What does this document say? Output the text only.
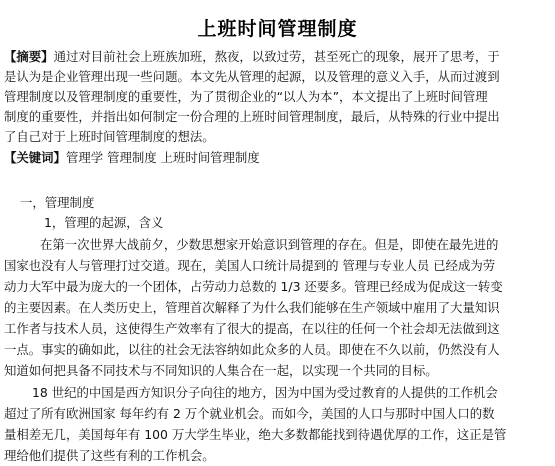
上班时间管理制度
【摘要】通过对目前社会上班族加班，熬夜，以致过劳，甚至死亡的现象，展开了思考，于
是认为是企业管理出现一些问题。本文先从管理的起源，以及管理的意义入手，从而过渡到
管理制度以及管理制度的重要性，为了贯彻企业的“以人为本”，本文提出了上班时间管理
制度的重要性，并指出如何制定一份合理的上班时间管理制度，最后，从特殊的行业中提出
了自己对于上班时间管理制度的想法。
【关键词】管理学 管理制度 上班时间管理制度
一，管理制度
1，管理的起源，含义
在第一次世界大战前夕，少数思想家开始意识到管理的存在。但是，即使在最先进的
国家也没有人与管理打过交道。现在，美国人口统计局提到的 管理与专业人员 已经成为劳
动力大军中最为庞大的一个团体，占劳动力总数的 1/3 还要多。管理已经成为促成这一转变
的主要因素。在人类历史上，管理首次解释了为什么我们能够在生产领域中雇用了大量知识
工作者与技术人员，这使得生产效率有了很大的提高，在以往的任何一个社会却无法做到这
一点。事实的确如此，以往的社会无法容纳如此众多的人员。即使在不久以前，仍然没有人
知道如何把具备不同技术与不同知识的人集合在一起，以实现一个共同的目标。
18 世纪的中国是西方知识分子向往的地方，因为中国为受过教育的人提供的工作机会
超过了所有欧洲国家 每年约有 2 万个就业机会。而如今，美国的人口与那时中国人口的数
量相差无几，美国每年有 100 万大学生毕业，绝大多数都能找到待遇优厚的工作，这正是管
理给他们提供了这些有利的工作机会。
